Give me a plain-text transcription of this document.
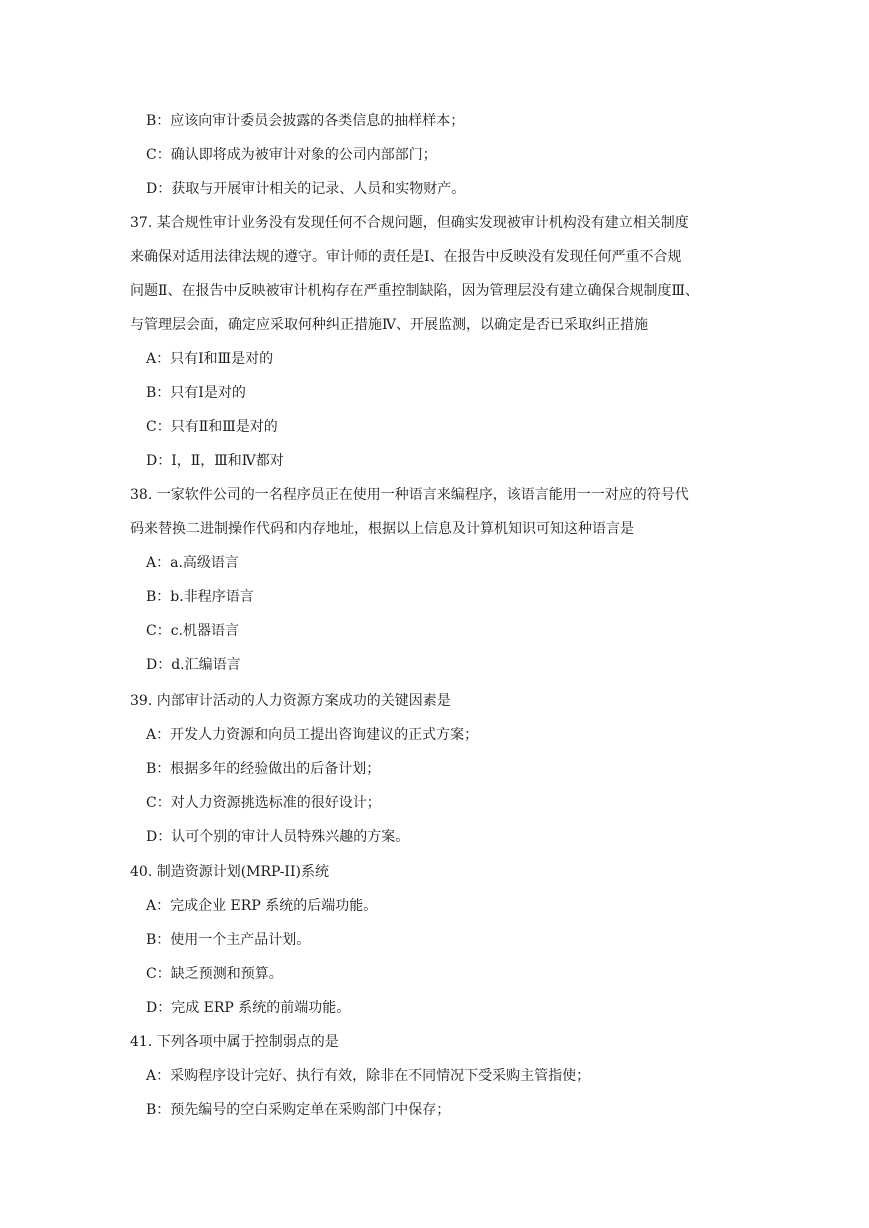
B：应该向审计委员会披露的各类信息的抽样样本；
C：确认即将成为被审计对象的公司内部部门；
D：获取与开展审计相关的记录、人员和实物财产。
37. 某合规性审计业务没有发现任何不合规问题，但确实发现被审计机构没有建立相关制度
来确保对适用法律法规的遵守。审计师的责任是Ⅰ、在报告中反映没有发现任何严重不合规
问题Ⅱ、在报告中反映被审计机构存在严重控制缺陷，因为管理层没有建立确保合规制度Ⅲ、
与管理层会面，确定应采取何种纠正措施Ⅳ、开展监测，以确定是否已采取纠正措施
A：只有Ⅰ和Ⅲ是对的
B：只有Ⅰ是对的
C：只有Ⅱ和Ⅲ是对的
D：Ⅰ，Ⅱ，Ⅲ和Ⅳ都对
38. 一家软件公司的一名程序员正在使用一种语言来编程序，该语言能用一一对应的符号代
码来替换二进制操作代码和内存地址，根据以上信息及计算机知识可知这种语言是
A：a.高级语言
B：b.非程序语言
C：c.机器语言
D：d.汇编语言
39. 内部审计活动的人力资源方案成功的关键因素是
A：开发人力资源和向员工提出咨询建议的正式方案；
B：根据多年的经验做出的后备计划；
C：对人力资源挑选标准的很好设计；
D：认可个别的审计人员特殊兴趣的方案。
40. 制造资源计划(MRP-II)系统
A：完成企业 ERP 系统的后端功能。
B：使用一个主产品计划。
C：缺乏预测和预算。
D：完成 ERP 系统的前端功能。
41. 下列各项中属于控制弱点的是
A：采购程序设计完好、执行有效，除非在不同情况下受采购主管指使；
B：预先编号的空白采购定单在采购部门中保存；
